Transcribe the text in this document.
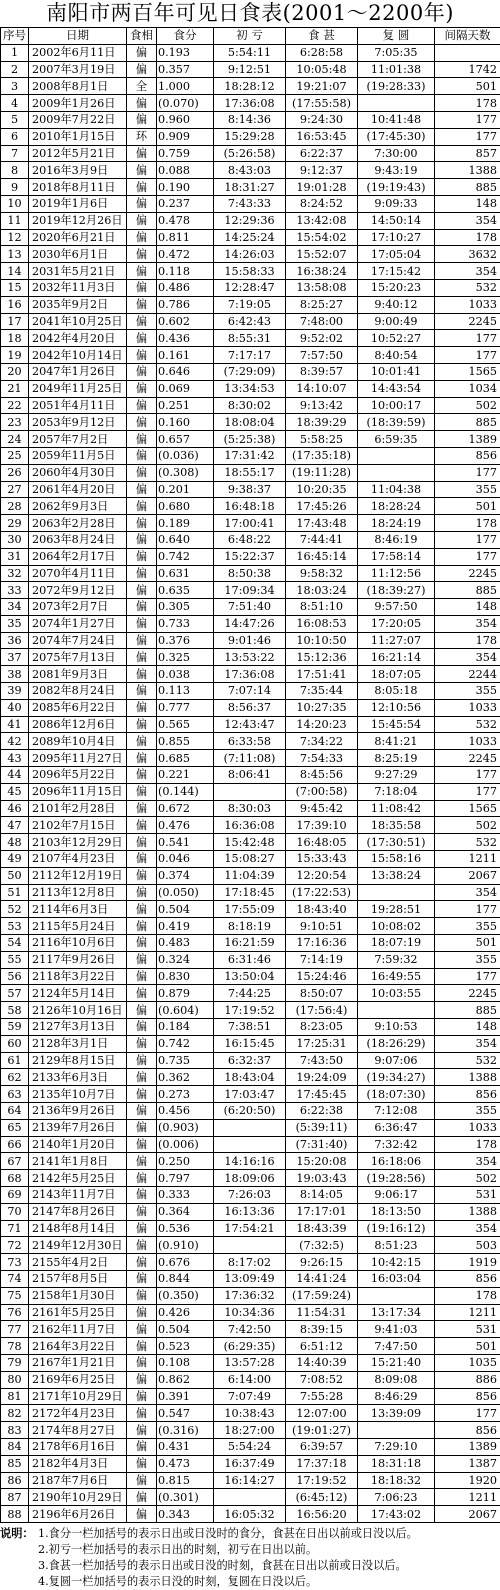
南阳市两百年可见日食表(2001～2200年)
序号	日期	食相	食分	初 亏	食 甚	复 圆	间隔天数
1	2002年6月11日	偏	0.193	5:54:11	6:28:58	7:05:35	
2	2007年3月19日	偏	0.357	9:12:51	10:05:48	11:01:38	1742
3	2008年8月1日	全	1.000	18:28:12	19:21:07	(19:28:33)	501
4	2009年1月26日	偏	(0.070)	17:36:08	(17:55:58)		178
5	2009年7月22日	偏	0.960	8:14:36	9:24:30	10:41:48	177
6	2010年1月15日	环	0.909	15:29:28	16:53:45	(17:45:30)	177
7	2012年5月21日	偏	0.759	(5:26:58)	6:22:37	7:30:00	857
8	2016年3月9日	偏	0.088	8:43:03	9:12:37	9:43:19	1388
9	2018年8月11日	偏	0.190	18:31:27	19:01:28	(19:19:43)	885
10	2019年1月6日	偏	0.237	7:43:33	8:24:52	9:09:33	148
11	2019年12月26日	偏	0.478	12:29:36	13:42:08	14:50:14	354
12	2020年6月21日	偏	0.811	14:25:24	15:54:02	17:10:27	178
13	2030年6月1日	偏	0.472	14:26:03	15:52:07	17:05:04	3632
14	2031年5月21日	偏	0.118	15:58:33	16:38:24	17:15:42	354
15	2032年11月3日	偏	0.486	12:28:47	13:58:08	15:20:23	532
16	2035年9月2日	偏	0.786	7:19:05	8:25:27	9:40:12	1033
17	2041年10月25日	偏	0.602	6:42:43	7:48:00	9:00:49	2245
18	2042年4月20日	偏	0.436	8:55:31	9:52:02	10:52:27	177
19	2042年10月14日	偏	0.161	7:17:17	7:57:50	8:40:54	177
20	2047年1月26日	偏	0.646	(7:29:09)	8:39:57	10:01:41	1565
21	2049年11月25日	偏	0.069	13:34:53	14:10:07	14:43:54	1034
22	2051年4月11日	偏	0.251	8:30:02	9:13:42	10:00:17	502
23	2053年9月12日	偏	0.160	18:08:04	18:39:29	(18:39:59)	885
24	2057年7月2日	偏	0.657	(5:25:38)	5:58:25	6:59:35	1389
25	2059年11月5日	偏	(0.036)	17:31:42	(17:35:18)		856
26	2060年4月30日	偏	(0.308)	18:55:17	(19:11:28)		177
27	2061年4月20日	偏	0.201	9:38:37	10:20:35	11:04:38	355
28	2062年9月3日	偏	0.680	16:48:18	17:45:26	18:28:24	501
29	2063年2月28日	偏	0.189	17:00:41	17:43:48	18:24:19	178
30	2063年8月24日	偏	0.640	6:48:22	7:44:41	8:46:19	177
31	2064年2月17日	偏	0.742	15:22:37	16:45:14	17:58:14	177
32	2070年4月11日	偏	0.631	8:50:38	9:58:32	11:12:56	2245
33	2072年9月12日	偏	0.635	17:09:34	18:03:24	(18:39:27)	885
34	2073年2月7日	偏	0.305	7:51:40	8:51:10	9:57:50	148
35	2074年1月27日	偏	0.733	14:47:26	16:08:53	17:20:05	354
36	2074年7月24日	偏	0.376	9:01:46	10:10:50	11:27:07	178
37	2075年7月13日	偏	0.325	13:53:22	15:12:36	16:21:14	354
38	2081年9月3日	偏	0.038	17:36:08	17:51:41	18:07:05	2244
39	2082年8月24日	偏	0.113	7:07:14	7:35:44	8:05:18	355
40	2085年6月22日	偏	0.777	8:56:37	10:27:35	12:10:56	1033
41	2086年12月6日	偏	0.565	12:43:47	14:20:23	15:45:54	532
42	2089年10月4日	偏	0.855	6:33:58	7:34:22	8:41:21	1033
43	2095年11月27日	偏	0.685	(7:11:08)	7:54:33	8:25:19	2245
44	2096年5月22日	偏	0.221	8:06:41	8:45:56	9:27:29	177
45	2096年11月15日	偏	(0.144)		(7:00:58)	7:18:04	177
46	2101年2月28日	偏	0.672	8:30:03	9:45:42	11:08:42	1565
47	2102年7月15日	偏	0.476	16:36:08	17:39:10	18:35:58	502
48	2103年12月29日	偏	0.541	15:42:48	16:48:05	(17:30:51)	532
49	2107年4月23日	偏	0.046	15:08:27	15:33:43	15:58:16	1211
50	2112年12月19日	偏	0.374	11:04:39	12:20:54	13:38:24	2067
51	2113年12月8日	偏	(0.050)	17:18:45	(17:22:53)		354
52	2114年6月3日	偏	0.504	17:55:09	18:43:40	19:28:51	177
53	2115年5月24日	偏	0.419	8:18:19	9:10:51	10:08:02	355
54	2116年10月6日	偏	0.483	16:21:59	17:16:36	18:07:19	501
55	2117年9月26日	偏	0.324	6:31:46	7:14:19	7:59:32	355
56	2118年3月22日	偏	0.830	13:50:04	15:24:46	16:49:55	177
57	2124年5月14日	偏	0.879	7:44:25	8:50:07	10:03:55	2245
58	2126年10月16日	偏	(0.604)	17:19:52	(17:56:4)		885
59	2127年3月13日	偏	0.184	7:38:51	8:23:05	9:10:53	148
60	2128年3月1日	偏	0.742	16:15:45	17:25:31	(18:26:29)	354
61	2129年8月15日	偏	0.735	6:32:37	7:43:50	9:07:06	532
62	2133年6月3日	偏	0.362	18:43:04	19:24:09	(19:34:27)	1388
63	2135年10月7日	偏	0.273	17:03:47	17:45:45	(18:07:30)	856
64	2136年9月26日	偏	0.456	(6:20:50)	6:22:38	7:12:08	355
65	2139年7月26日	偏	(0.903)		(5:39:11)	6:36:47	1033
66	2140年1月20日	偏	(0.006)		(7:31:40)	7:32:42	178
67	2141年1月8日	偏	0.250	14:16:16	15:20:08	16:18:06	354
68	2142年5月25日	偏	0.797	18:09:06	19:03:43	(19:28:56)	502
69	2143年11月7日	偏	0.333	7:26:03	8:14:05	9:06:17	531
70	2147年8月26日	偏	0.364	16:13:36	17:17:01	18:13:50	1388
71	2148年8月14日	偏	0.536	17:54:21	18:43:39	(19:16:12)	354
72	2149年12月30日	偏	(0.910)		(7:32:5)	8:51:23	503
73	2155年4月2日	偏	0.676	8:17:02	9:26:15	10:42:15	1919
74	2157年8月5日	偏	0.844	13:09:49	14:41:24	16:03:04	856
75	2158年1月30日	偏	(0.350)	17:36:32	(17:59:24)		178
76	2161年5月25日	偏	0.426	10:34:36	11:54:31	13:17:34	1211
77	2162年11月7日	偏	0.504	7:42:50	8:39:15	9:41:03	531
78	2164年3月22日	偏	0.523	(6:29:35)	6:51:12	7:47:50	501
79	2167年1月21日	偏	0.108	13:57:28	14:40:39	15:21:40	1035
80	2169年6月25日	偏	0.862	6:14:00	7:08:52	8:09:08	886
81	2171年10月29日	偏	0.391	7:07:49	7:55:28	8:46:29	856
82	2172年4月23日	偏	0.547	10:38:43	12:07:00	13:39:09	177
83	2174年8月27日	偏	(0.316)	18:27:00	(19:01:27)		856
84	2178年6月16日	偏	0.431	5:54:24	6:39:57	7:29:10	1389
85	2182年4月3日	偏	0.473	16:37:49	17:37:18	18:31:18	1387
86	2187年7月6日	偏	0.815	16:14:27	17:19:52	18:18:32	1920
87	2190年10月29日	偏	(0.301)		(6:45:12)	7:06:23	1211
88	2196年6月26日	偏	0.343	16:05:32	16:56:20	17:43:02	2067
说明： 1.食分一栏加括号的表示日出或日没时的食分，食甚在日出以前或日没以后。
2.初亏一栏加括号的表示日出的时刻，初亏在日出以前。
3.食甚一栏加括号的表示日出或日没的时刻，食甚在日出以前或日没以后。
4.复圆一栏加括号的表示日没的时刻，复圆在日没以后。
